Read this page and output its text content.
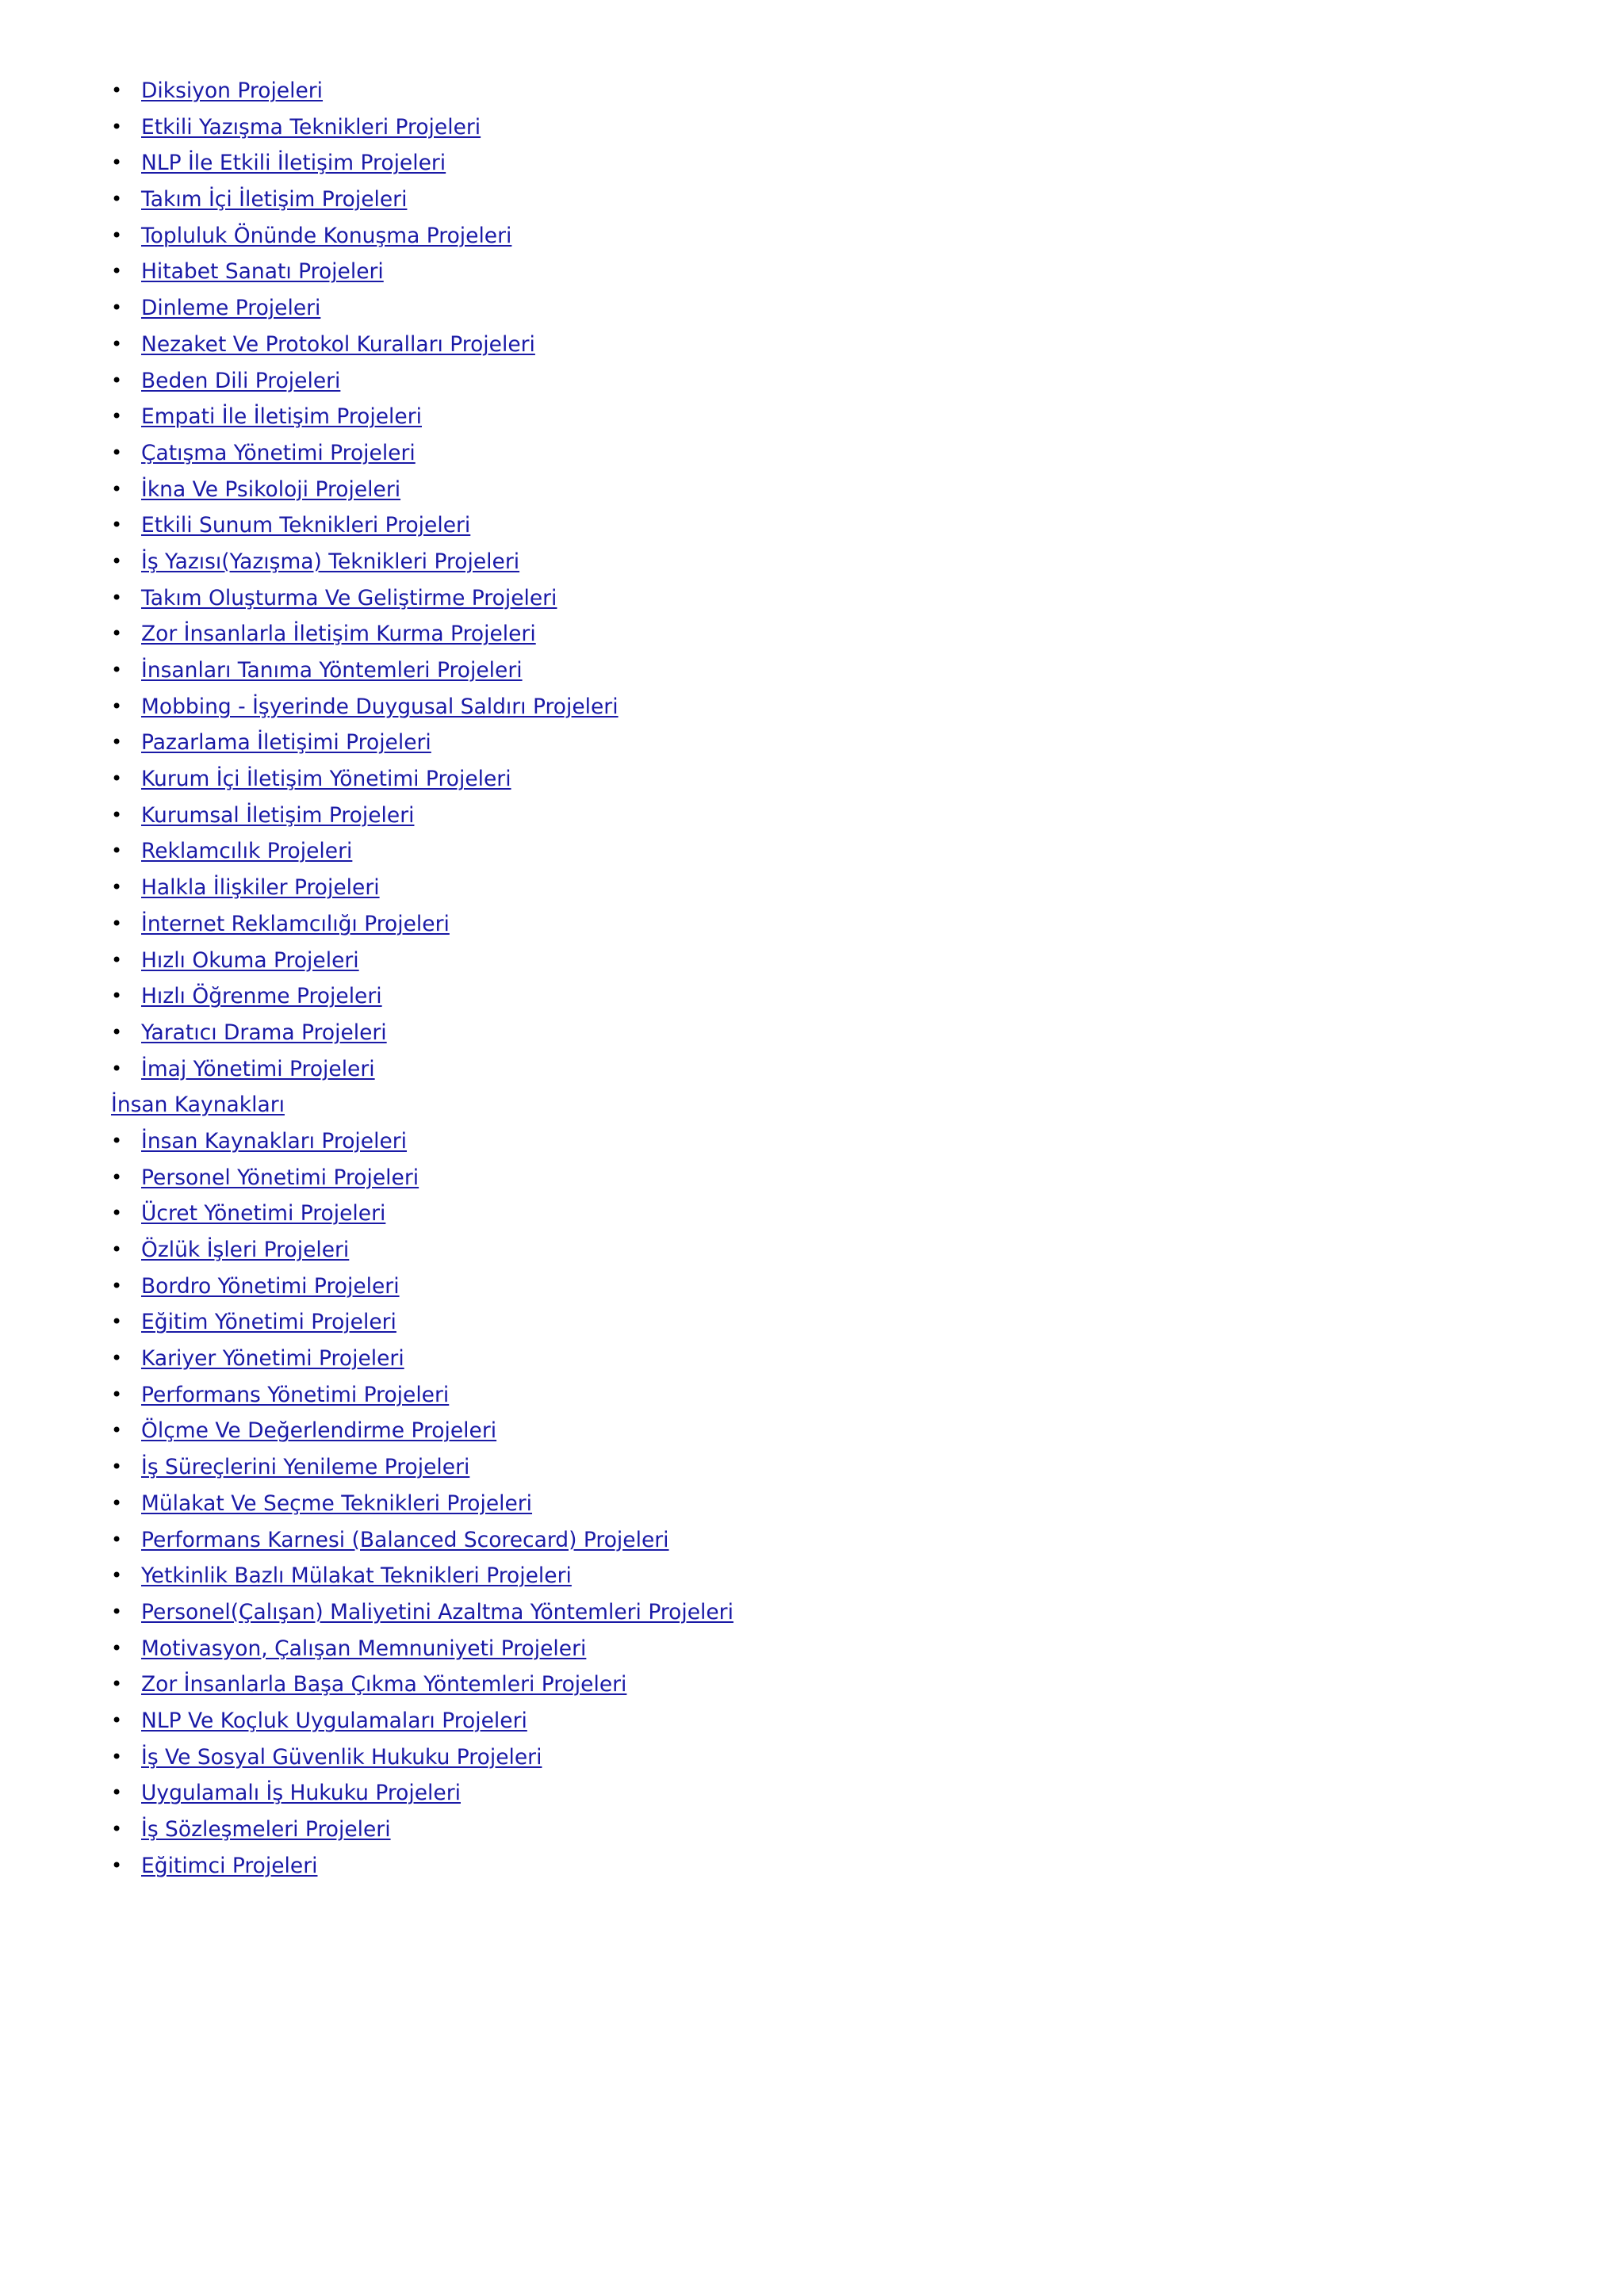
• Diksiyon Projeleri
• Etkili Yazışma Teknikleri Projeleri
• NLP İle Etkili İletişim Projeleri
• Takım İçi İletişim Projeleri
• Topluluk Önünde Konuşma Projeleri
• Hitabet Sanatı Projeleri
• Dinleme Projeleri
• Nezaket Ve Protokol Kuralları Projeleri
• Beden Dili Projeleri
• Empati İle İletişim Projeleri
• Çatışma Yönetimi Projeleri
• İkna Ve Psikoloji Projeleri
• Etkili Sunum Teknikleri Projeleri
• İş Yazısı(Yazışma) Teknikleri Projeleri
• Takım Oluşturma Ve Geliştirme Projeleri
• Zor İnsanlarla İletişim Kurma Projeleri
• İnsanları Tanıma Yöntemleri Projeleri
• Mobbing - İşyerinde Duygusal Saldırı Projeleri
• Pazarlama İletişimi Projeleri
• Kurum İçi İletişim Yönetimi Projeleri
• Kurumsal İletişim Projeleri
• Reklamcılık Projeleri
• Halkla İlişkiler Projeleri
• İnternet Reklamcılığı Projeleri
• Hızlı Okuma Projeleri
• Hızlı Öğrenme Projeleri
• Yaratıcı Drama Projeleri
• İmaj Yönetimi Projeleri
İnsan Kaynakları
• İnsan Kaynakları Projeleri
• Personel Yönetimi Projeleri
• Ücret Yönetimi Projeleri
• Özlük İşleri Projeleri
• Bordro Yönetimi Projeleri
• Eğitim Yönetimi Projeleri
• Kariyer Yönetimi Projeleri
• Performans Yönetimi Projeleri
• Ölçme Ve Değerlendirme Projeleri
• İş Süreçlerini Yenileme Projeleri
• Mülakat Ve Seçme Teknikleri Projeleri
• Performans Karnesi (Balanced Scorecard) Projeleri
• Yetkinlik Bazlı Mülakat Teknikleri Projeleri
• Personel(Çalışan) Maliyetini Azaltma Yöntemleri Projeleri
• Motivasyon, Çalışan Memnuniyeti Projeleri
• Zor İnsanlarla Başa Çıkma Yöntemleri Projeleri
• NLP Ve Koçluk Uygulamaları Projeleri
• İş Ve Sosyal Güvenlik Hukuku Projeleri
• Uygulamalı İş Hukuku Projeleri
• İş Sözleşmeleri Projeleri
• Eğitimci Projeleri
